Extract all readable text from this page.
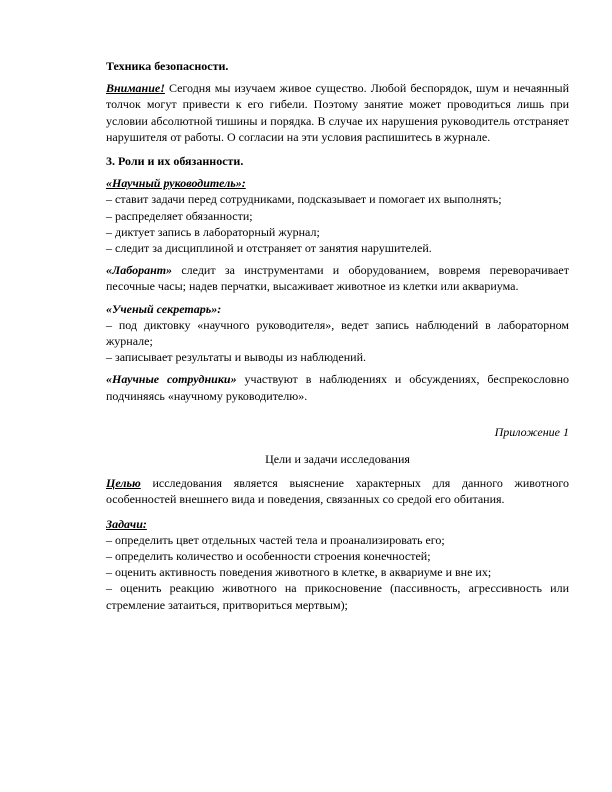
Техника безопасности.

Внимание! Сегодня мы изучаем живое существо. Любой беспорядок, шум и нечаянный толчок могут привести к его гибели. Поэтому занятие может проводиться лишь при условии абсолютной тишины и порядка. В случае их нарушения руководитель отстраняет нарушителя от работы. О согласии на эти условия распишитесь в журнале.

3. Роли и их обязанности.

«Научный руководитель»:

– ставит задачи перед сотрудниками, подсказывает и помогает их выполнять;

– распределяет обязанности;

– диктует запись в лабораторный журнал;

– следит за дисциплиной и отстраняет от занятия нарушителей.

«Лаборант» следит за инструментами и оборудованием, вовремя переворачивает песочные часы; надев перчатки, высаживает животное из клетки или аквариума.

«Ученый секретарь»:

– под диктовку «научного руководителя», ведет запись наблюдений в лабораторном журнале;

– записывает результаты и выводы из наблюдений.

«Научные сотрудники» участвуют в наблюдениях и обсуждениях, беспрекословно подчиняясь «научному руководителю».

Приложение 1

Цели и задачи исследования

Целью исследования является выяснение характерных для данного животного особенностей внешнего вида и поведения, связанных со средой его обитания.

Задачи:

– определить цвет отдельных частей тела и проанализировать его;

– определить количество и особенности строения конечностей;

– оценить активность поведения животного в клетке, в аквариуме и вне их;

– оценить реакцию животного на прикосновение (пассивность, агрессивность или стремление затаиться, притвориться мертвым);
